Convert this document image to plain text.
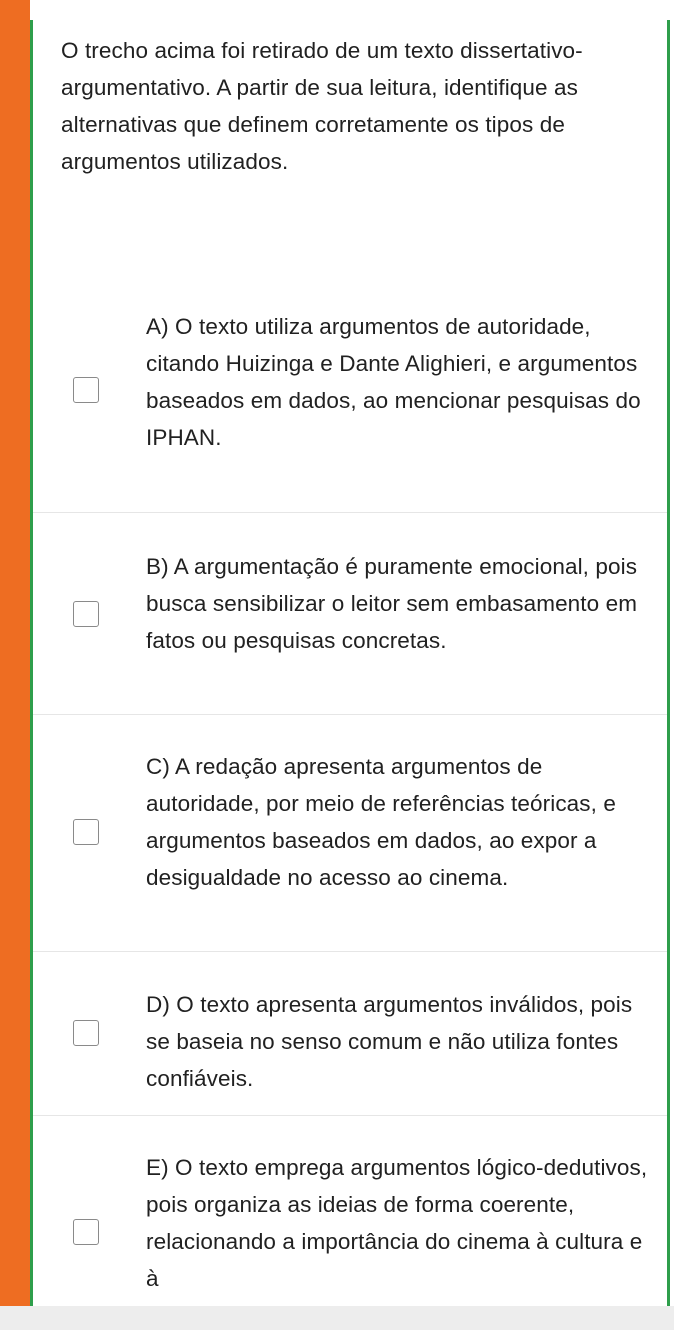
O trecho acima foi retirado de um texto dissertativo-argumentativo. A partir de sua leitura, identifique as alternativas que definem corretamente os tipos de argumentos utilizados.
A) O texto utiliza argumentos de autoridade, citando Huizinga e Dante Alighieri, e argumentos baseados em dados, ao mencionar pesquisas do IPHAN.
B) A argumentação é puramente emocional, pois busca sensibilizar o leitor sem embasamento em fatos ou pesquisas concretas.
C) A redação apresenta argumentos de autoridade, por meio de referências teóricas, e argumentos baseados em dados, ao expor a desigualdade no acesso ao cinema.
D) O texto apresenta argumentos inválidos, pois se baseia no senso comum e não utiliza fontes confiáveis.
E) O texto emprega argumentos lógico-dedutivos, pois organiza as ideias de forma coerente, relacionando a importância do cinema à cultura e à
